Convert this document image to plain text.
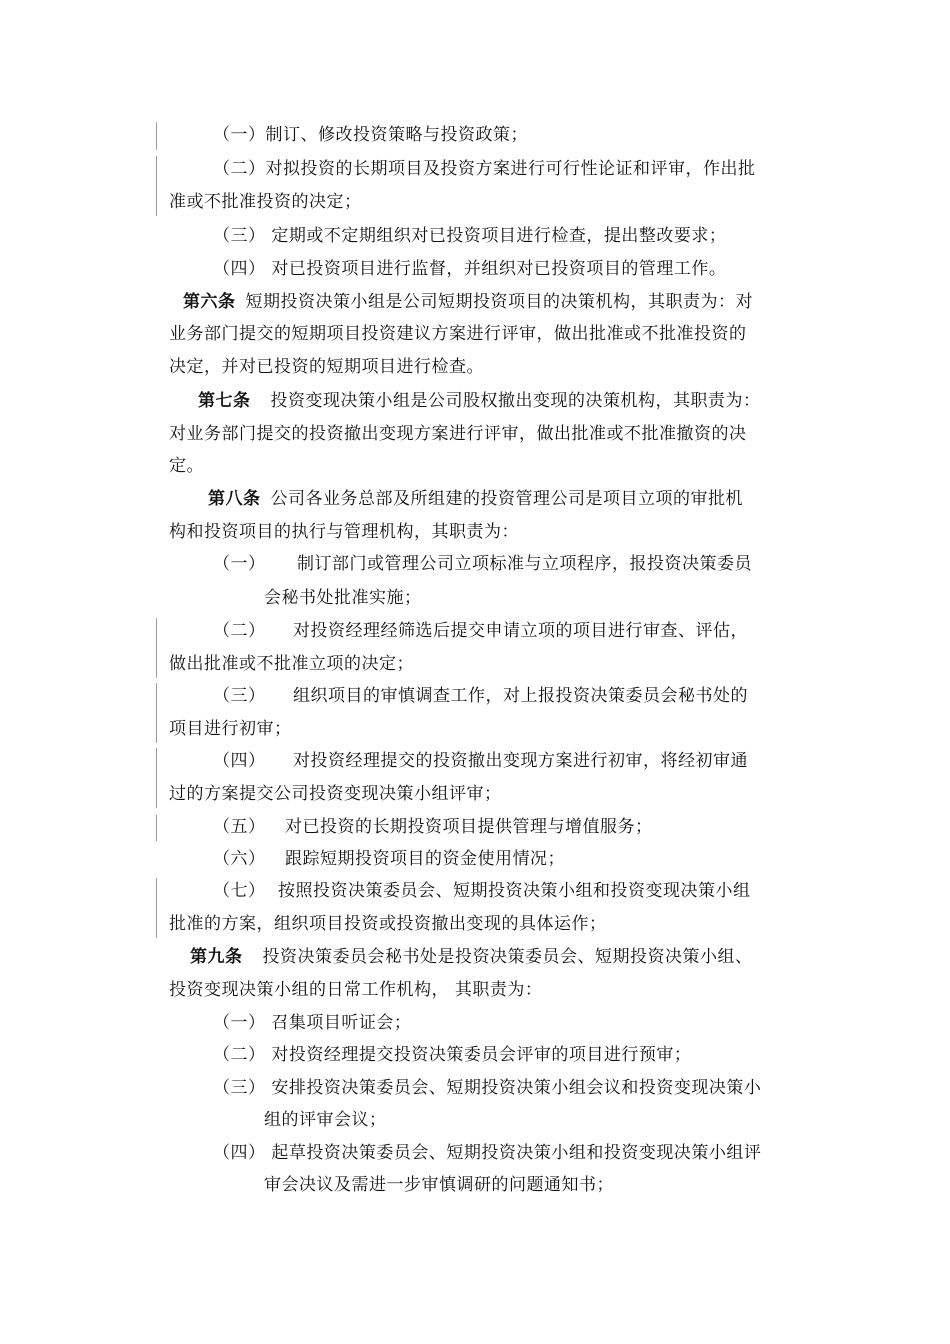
（一）制订、修改投资策略与投资政策；
（二）对拟投资的长期项目及投资方案进行可行性论证和评审，作出批
准或不批准投资的决定；
（三） 定期或不定期组织对已投资项目进行检查，提出整改要求；
（四） 对已投资项目进行监督，并组织对已投资项目的管理工作。
第六条 短期投资决策小组是公司短期投资项目的决策机构，其职责为：对
业务部门提交的短期项目投资建议方案进行评审，做出批准或不批准投资的
决定，并对已投资的短期项目进行检查。
第七条 投资变现决策小组是公司股权撤出变现的决策机构，其职责为：
对业务部门提交的投资撤出变现方案进行评审，做出批准或不批准撤资的决
定。
第八条 公司各业务总部及所组建的投资管理公司是项目立项的审批机
构和投资项目的执行与管理机构，其职责为：
（一） 制订部门或管理公司立项标准与立项程序，报投资决策委员
会秘书处批准实施；
（二） 对投资经理经筛选后提交申请立项的项目进行审查、评估，
做出批准或不批准立项的决定；
（三） 组织项目的审慎调查工作，对上报投资决策委员会秘书处的
项目进行初审；
（四） 对投资经理提交的投资撤出变现方案进行初审，将经初审通
过的方案提交公司投资变现决策小组评审；
（五） 对已投资的长期投资项目提供管理与增值服务；
（六） 跟踪短期投资项目的资金使用情况；
（七） 按照投资决策委员会、短期投资决策小组和投资变现决策小组
批准的方案，组织项目投资或投资撤出变现的具体运作；
第九条 投资决策委员会秘书处是投资决策委员会、短期投资决策小组、
投资变现决策小组的日常工作机构， 其职责为：
（一） 召集项目听证会；
（二） 对投资经理提交投资决策委员会评审的项目进行预审；
（三） 安排投资决策委员会、短期投资决策小组会议和投资变现决策小
组的评审会议；
（四） 起草投资决策委员会、短期投资决策小组和投资变现决策小组评
审会决议及需进一步审慎调研的问题通知书；
